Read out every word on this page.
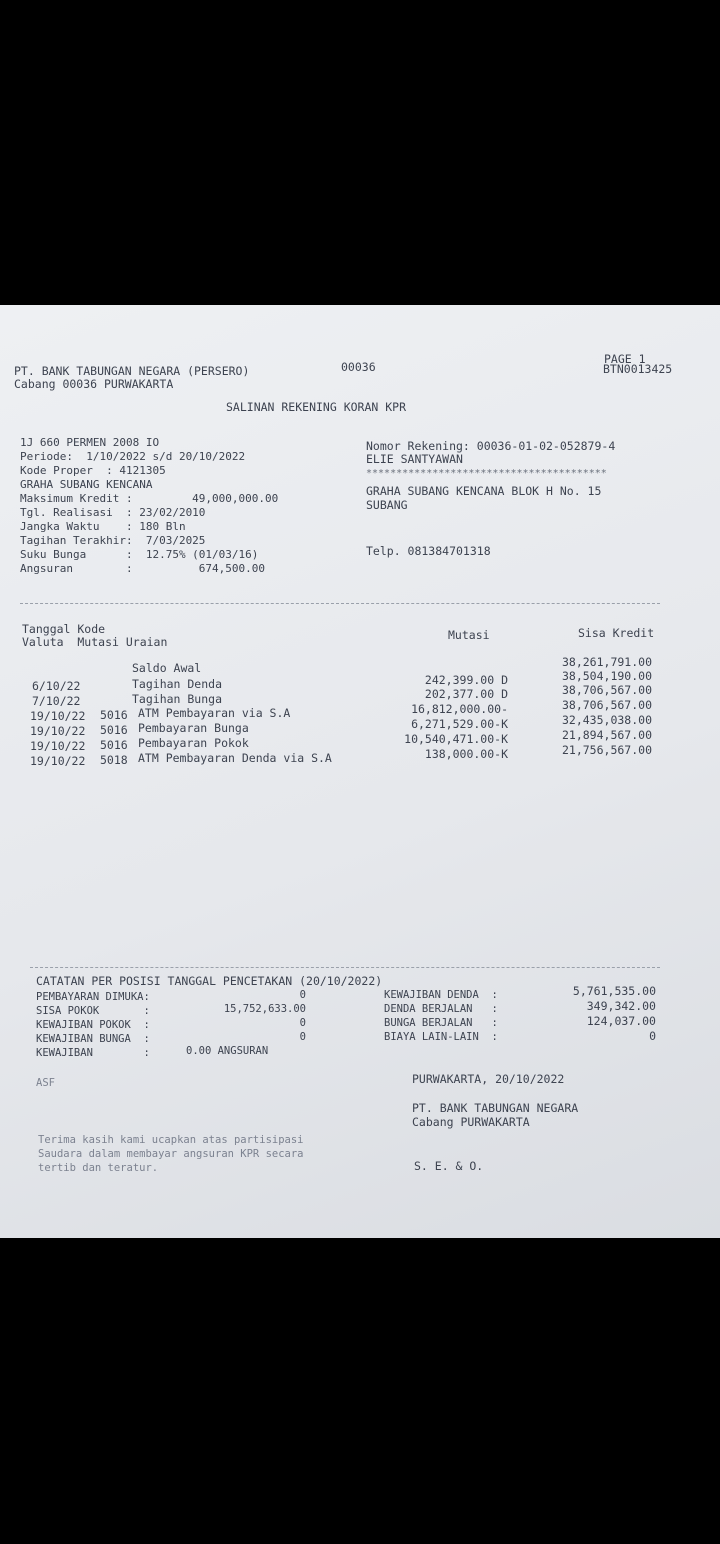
PT. BANK TABUNGAN NEGARA (PERSERO)
Cabang 00036 PURWAKARTA
00036
PAGE 1
BTN0013425
SALINAN REKENING KORAN KPR
1J 660 PERMEN 2008 IO
Periode:  1/10/2022 s/d 20/10/2022
Kode Proper  : 4121305
GRAHA SUBANG KENCANA
Maksimum Kredit :         49,000,000.00
Tgl. Realisasi  : 23/02/2010
Jangka Waktu    : 180 Bln
Tagihan Terakhir:  7/03/2025
Suku Bunga      :  12.75% (01/03/16)
Angsuran        :          674,500.00
Nomor Rekening: 00036-01-02-052879-4
ELIE SANTYAWAN
****************************************
GRAHA SUBANG KENCANA BLOK H No. 15
SUBANG
Telp. 081384701318
Tanggal Kode
Valuta  Mutasi Uraian	Mutasi	Sisa Kredit
Saldo Awal	38,261,791.00
6/10/22	Tagihan Denda	242,399.00 D	38,504,190.00
7/10/22	Tagihan Bunga	202,377.00 D	38,706,567.00
19/10/22 5016 ATM Pembayaran via S.A	16,812,000.00-	38,706,567.00
19/10/22 5016 Pembayaran Bunga	6,271,529.00-K	32,435,038.00
19/10/22 5016 Pembayaran Pokok	10,540,471.00-K	21,894,567.00
19/10/22 5018 ATM Pembayaran Denda via S.A	138,000.00-K	21,756,567.00
CATATAN PER POSISI TANGGAL PENCETAKAN (20/10/2022)
PEMBAYARAN DIMUKA:	0
SISA POKOK       :	15,752,633.00
KEWAJIBAN POKOK  :	0
KEWAJIBAN BUNGA  :	0
KEWAJIBAN        :	0.00 ANGSURAN
KEWAJIBAN DENDA  :	5,761,535.00
DENDA BERJALAN   :	349,342.00
BUNGA BERJALAN   :	124,037.00
BIAYA LAIN-LAIN  :	0
ASF	PURWAKARTA, 20/10/2022
PT. BANK TABUNGAN NEGARA
Cabang PURWAKARTA
Terima kasih kami ucapkan atas partisipasi
Saudara dalam membayar angsuran KPR secara
tertib dan teratur.	S. E. & O.
